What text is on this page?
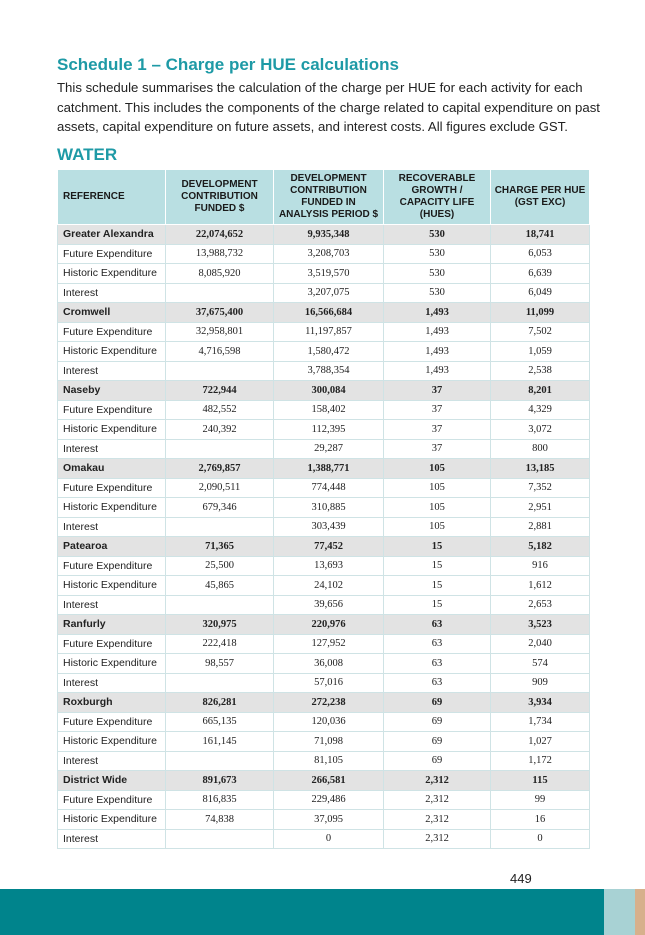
Schedule 1 – Charge per HUE calculations

This schedule summarises the calculation of the charge per HUE for each activity for each catchment. This includes the components of the charge related to capital expenditure on past assets, capital expenditure on future assets, and interest costs. All figures exclude GST.

WATER
REFERENCE	DEVELOPMENT CONTRIBUTION FUNDED $	DEVELOPMENT CONTRIBUTION FUNDED IN ANALYSIS PERIOD $	RECOVERABLE GROWTH / CAPACITY LIFE (HUES)	CHARGE PER HUE (GST EXC)
Greater Alexandra	22,074,652	9,935,348	530	18,741
Future Expenditure	13,988,732	3,208,703	530	6,053
Historic Expenditure	8,085,920	3,519,570	530	6,639
Interest		3,207,075	530	6,049
Cromwell	37,675,400	16,566,684	1,493	11,099
Future Expenditure	32,958,801	11,197,857	1,493	7,502
Historic Expenditure	4,716,598	1,580,472	1,493	1,059
Interest		3,788,354	1,493	2,538
Naseby	722,944	300,084	37	8,201
Future Expenditure	482,552	158,402	37	4,329
Historic Expenditure	240,392	112,395	37	3,072
Interest		29,287	37	800
Omakau	2,769,857	1,388,771	105	13,185
Future Expenditure	2,090,511	774,448	105	7,352
Historic Expenditure	679,346	310,885	105	2,951
Interest		303,439	105	2,881
Patearoa	71,365	77,452	15	5,182
Future Expenditure	25,500	13,693	15	916
Historic Expenditure	45,865	24,102	15	1,612
Interest		39,656	15	2,653
Ranfurly	320,975	220,976	63	3,523
Future Expenditure	222,418	127,952	63	2,040
Historic Expenditure	98,557	36,008	63	574
Interest		57,016	63	909
Roxburgh	826,281	272,238	69	3,934
Future Expenditure	665,135	120,036	69	1,734
Historic Expenditure	161,145	71,098	69	1,027
Interest		81,105	69	1,172
District Wide	891,673	266,581	2,312	115
Future Expenditure	816,835	229,486	2,312	99
Historic Expenditure	74,838	37,095	2,312	16
Interest		0	2,312	0
449
